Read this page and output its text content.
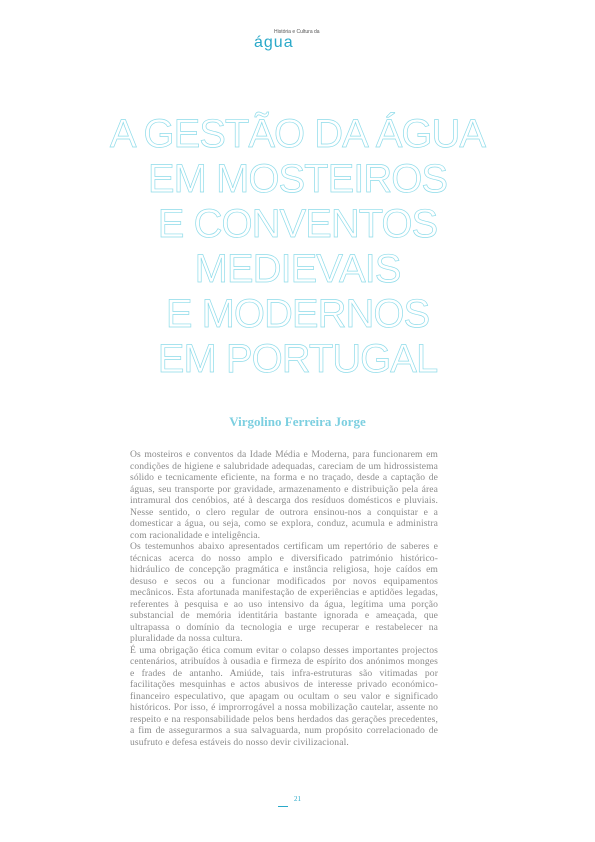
História e Cultura da
água
A GESTÃO DA ÁGUA
EM MOSTEIROS
E CONVENTOS
MEDIEVAIS
E MODERNOS
EM PORTUGAL
Virgolino Ferreira Jorge

Os mosteiros e conventos da Idade Média e Moderna, para funcionarem em condições de higiene e salubridade adequadas, careciam de um hidrossistema sólido e tecnicamente eficiente, na forma e no traçado, desde a captação de águas, seu transporte por gravidade, armazenamento e distribuição pela área intramural dos cenóbios, até à descarga dos resíduos domésticos e pluviais. Nesse sentido, o clero regular de outrora ensinou-nos a conquistar e a domesticar a água, ou seja, como se explora, conduz, acumula e administra com racionalidade e inteligência.

Os testemunhos abaixo apresentados certificam um repertório de saberes e técnicas acerca do nosso amplo e diversificado património histórico-hidráulico de concepção pragmática e instância religiosa, hoje caídos em desuso e secos ou a funcionar modificados por novos equipamentos mecânicos. Esta afortunada manifestação de experiências e aptidões legadas, referentes à pesquisa e ao uso intensivo da água, legítima uma porção substancial de memória identitária bastante ignorada e ameaçada, que ultrapassa o domínio da tecnologia e urge recuperar e restabelecer na pluralidade da nossa cultura.

É uma obrigação ética comum evitar o colapso desses importantes projectos centenários, atribuídos à ousadia e firmeza de espírito dos anónimos monges e frades de antanho. Amiúde, tais infra-estruturas são vitimadas por facilitações mesquinhas e actos abusivos de interesse privado económico-financeiro especulativo, que apagam ou ocultam o seu valor e significado históricos. Por isso, é improrrogável a nossa mobilização cautelar, assente no respeito e na responsabilidade pelos bens herdados das gerações precedentes, a fim de assegurarmos a sua salvaguarda, num propósito correlacionado de usufruto e defesa estáveis do nosso devir civilizacional.

21
